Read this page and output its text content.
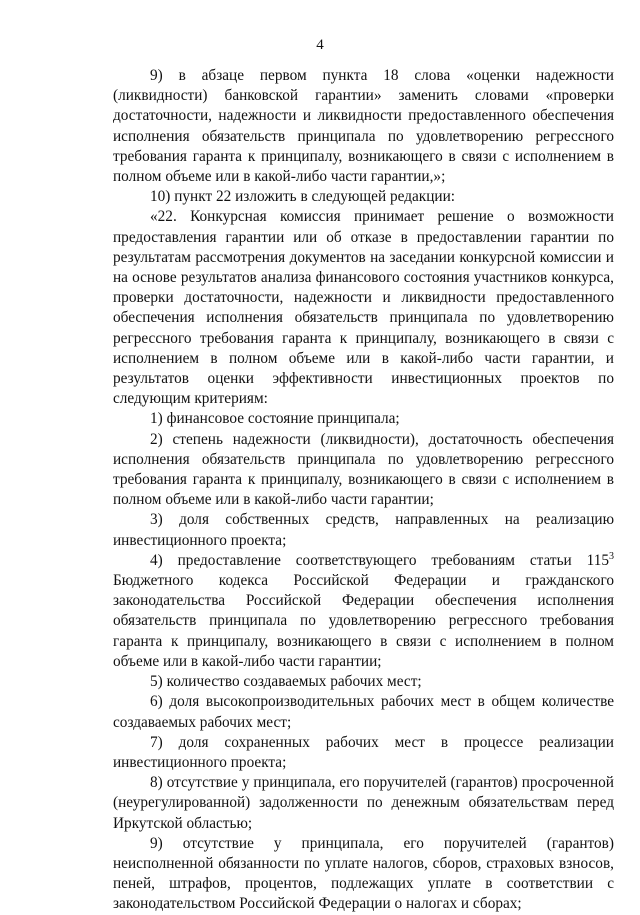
4

9) в абзаце первом пункта 18 слова «оценки надежности (ликвидности) банковской гарантии» заменить словами «проверки достаточности, надежности и ликвидности предоставленного обеспечения исполнения обязательств принципала по удовлетворению регрессного требования гаранта к принципалу, возникающего в связи с исполнением в полном объеме или в какой-либо части гарантии,»;

10) пункт 22 изложить в следующей редакции:

«22. Конкурсная комиссия принимает решение о возможности предоставления гарантии или об отказе в предоставлении гарантии по результатам рассмотрения документов на заседании конкурсной комиссии и на основе результатов анализа финансового состояния участников конкурса, проверки достаточности, надежности и ликвидности предоставленного обеспечения исполнения обязательств принципала по удовлетворению регрессного требования гаранта к принципалу, возникающего в связи с исполнением в полном объеме или в какой-либо части гарантии, и результатов оценки эффективности инвестиционных проектов по следующим критериям:

1) финансовое состояние принципала;

2) степень надежности (ликвидности), достаточность обеспечения исполнения обязательств принципала по удовлетворению регрессного требования гаранта к принципалу, возникающего в связи с исполнением в полном объеме или в какой-либо части гарантии;

3) доля собственных средств, направленных на реализацию инвестиционного проекта;

4) предоставление соответствующего требованиям статьи $115^3$ Бюджетного кодекса Российской Федерации и гражданского законодательства Российской Федерации обеспечения исполнения обязательств принципала по удовлетворению регрессного требования гаранта к принципалу, возникающего в связи с исполнением в полном объеме или в какой-либо части гарантии;

5) количество создаваемых рабочих мест;

6) доля высокопроизводительных рабочих мест в общем количестве создаваемых рабочих мест;

7) доля сохраненных рабочих мест в процессе реализации инвестиционного проекта;

8) отсутствие у принципала, его поручителей (гарантов) просроченной (неурегулированной) задолженности по денежным обязательствам перед Иркутской областью;

9) отсутствие у принципала, его поручителей (гарантов) неисполненной обязанности по уплате налогов, сборов, страховых взносов, пеней, штрафов, процентов, подлежащих уплате в соответствии с законодательством Российской Федерации о налогах и сборах;
